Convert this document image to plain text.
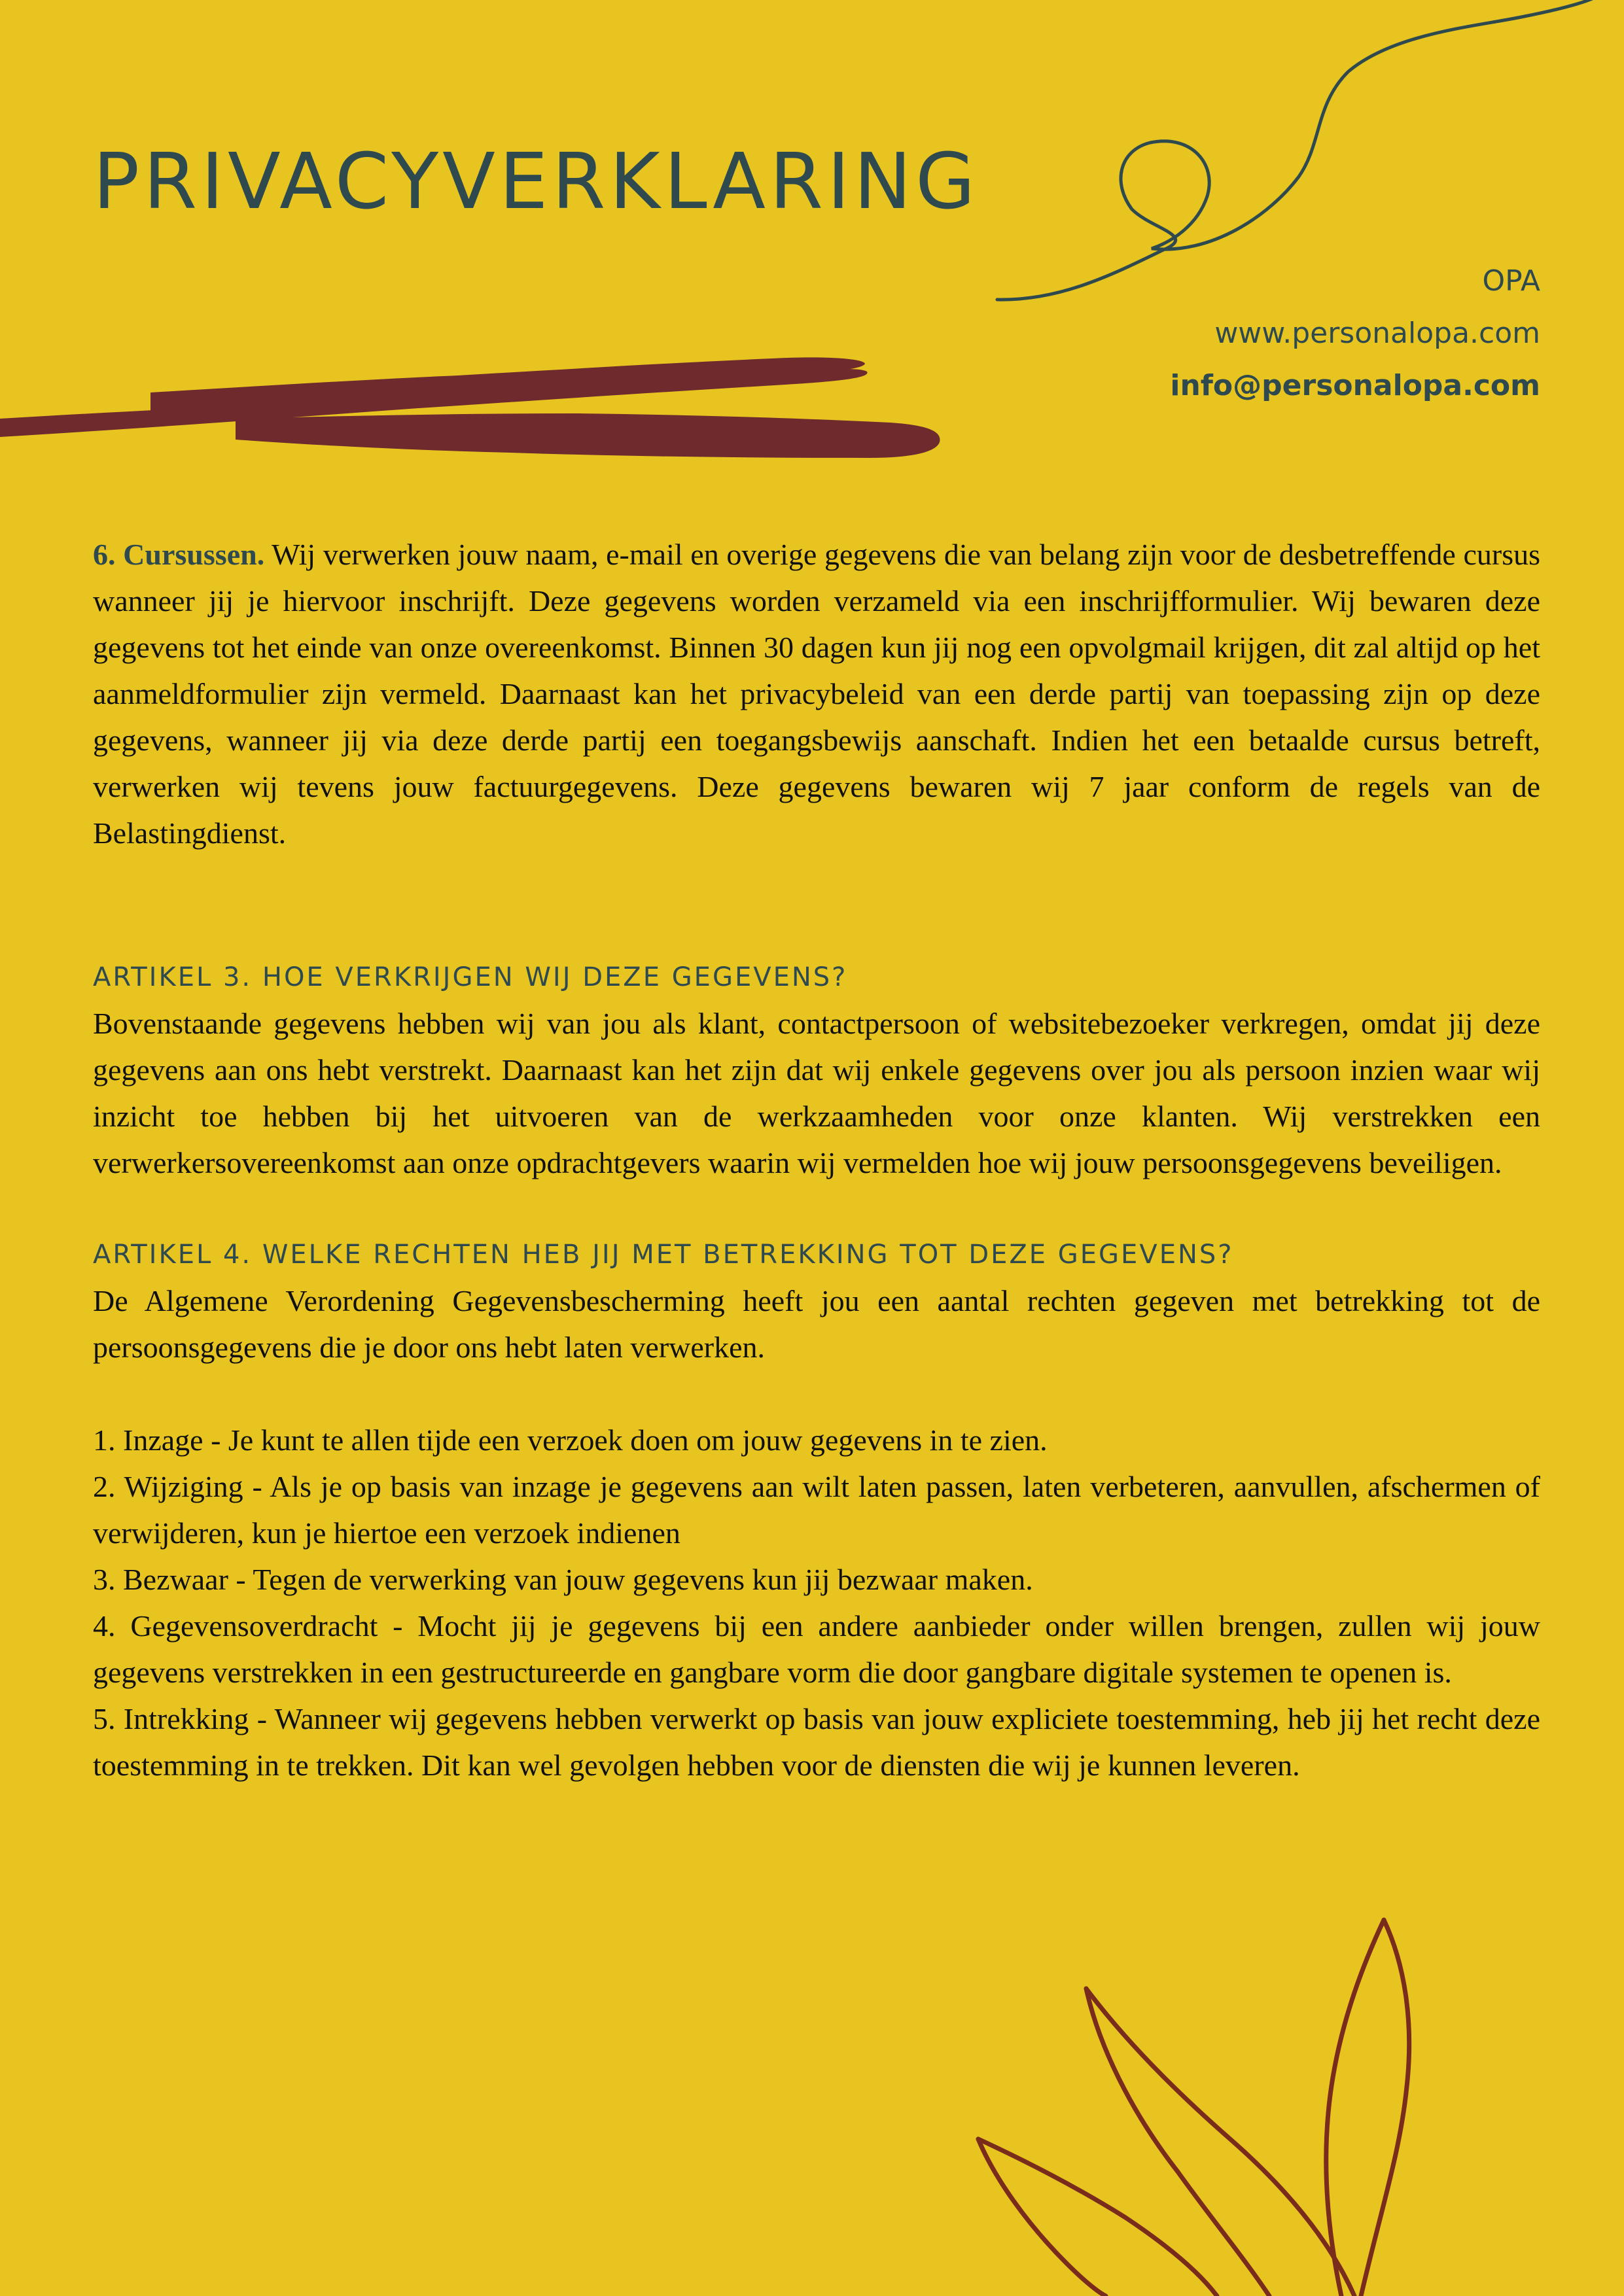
PRIVACYVERKLARING
OPA
www.personalopa.com
info@personalopa.com

6. Cursussen. Wij verwerken jouw naam, e-mail en overige gegevens die van belang zijn voor de desbetreffende cursus wanneer jij je hiervoor inschrijft. Deze gegevens worden verzameld via een inschrijfformulier. Wij bewaren deze gegevens tot het einde van onze overeenkomst. Binnen 30 dagen kun jij nog een opvolgmail krijgen, dit zal altijd op het aanmeldformulier zijn vermeld. Daarnaast kan het privacybeleid van een derde partij van toepassing zijn op deze gegevens, wanneer jij via deze derde partij een toegangsbewijs aanschaft. Indien het een betaalde cursus betreft, verwerken wij tevens jouw factuurgegevens. Deze gegevens bewaren wij 7 jaar conform de regels van de Belastingdienst.

ARTIKEL 3. HOE VERKRIJGEN WIJ DEZE GEGEVENS?

Bovenstaande gegevens hebben wij van jou als klant, contactpersoon of websitebezoeker verkregen, omdat jij deze gegevens aan ons hebt verstrekt. Daarnaast kan het zijn dat wij enkele gegevens over jou als persoon inzien waar wij inzicht toe hebben bij het uitvoeren van de werkzaamheden voor onze klanten. Wij verstrekken een verwerkersovereenkomst aan onze opdrachtgevers waarin wij vermelden hoe wij jouw persoonsgegevens beveiligen.

ARTIKEL 4. WELKE RECHTEN HEB JIJ MET BETREKKING TOT DEZE GEGEVENS?

De Algemene Verordening Gegevensbescherming heeft jou een aantal rechten gegeven met betrekking tot de persoonsgegevens die je door ons hebt laten verwerken.

1. Inzage - Je kunt te allen tijde een verzoek doen om jouw gegevens in te zien.
2. Wijziging - Als je op basis van inzage je gegevens aan wilt laten passen, laten verbeteren, aanvullen, afschermen of verwijderen, kun je hiertoe een verzoek indienen
3. Bezwaar - Tegen de verwerking van jouw gegevens kun jij bezwaar maken.
4. Gegevensoverdracht - Mocht jij je gegevens bij een andere aanbieder onder willen brengen, zullen wij jouw gegevens verstrekken in een gestructureerde en gangbare vorm die door gangbare digitale systemen te openen is.
5. Intrekking - Wanneer wij gegevens hebben verwerkt op basis van jouw expliciete toestemming, heb jij het recht deze toestemming in te trekken. Dit kan wel gevolgen hebben voor de diensten die wij je kunnen leveren.
